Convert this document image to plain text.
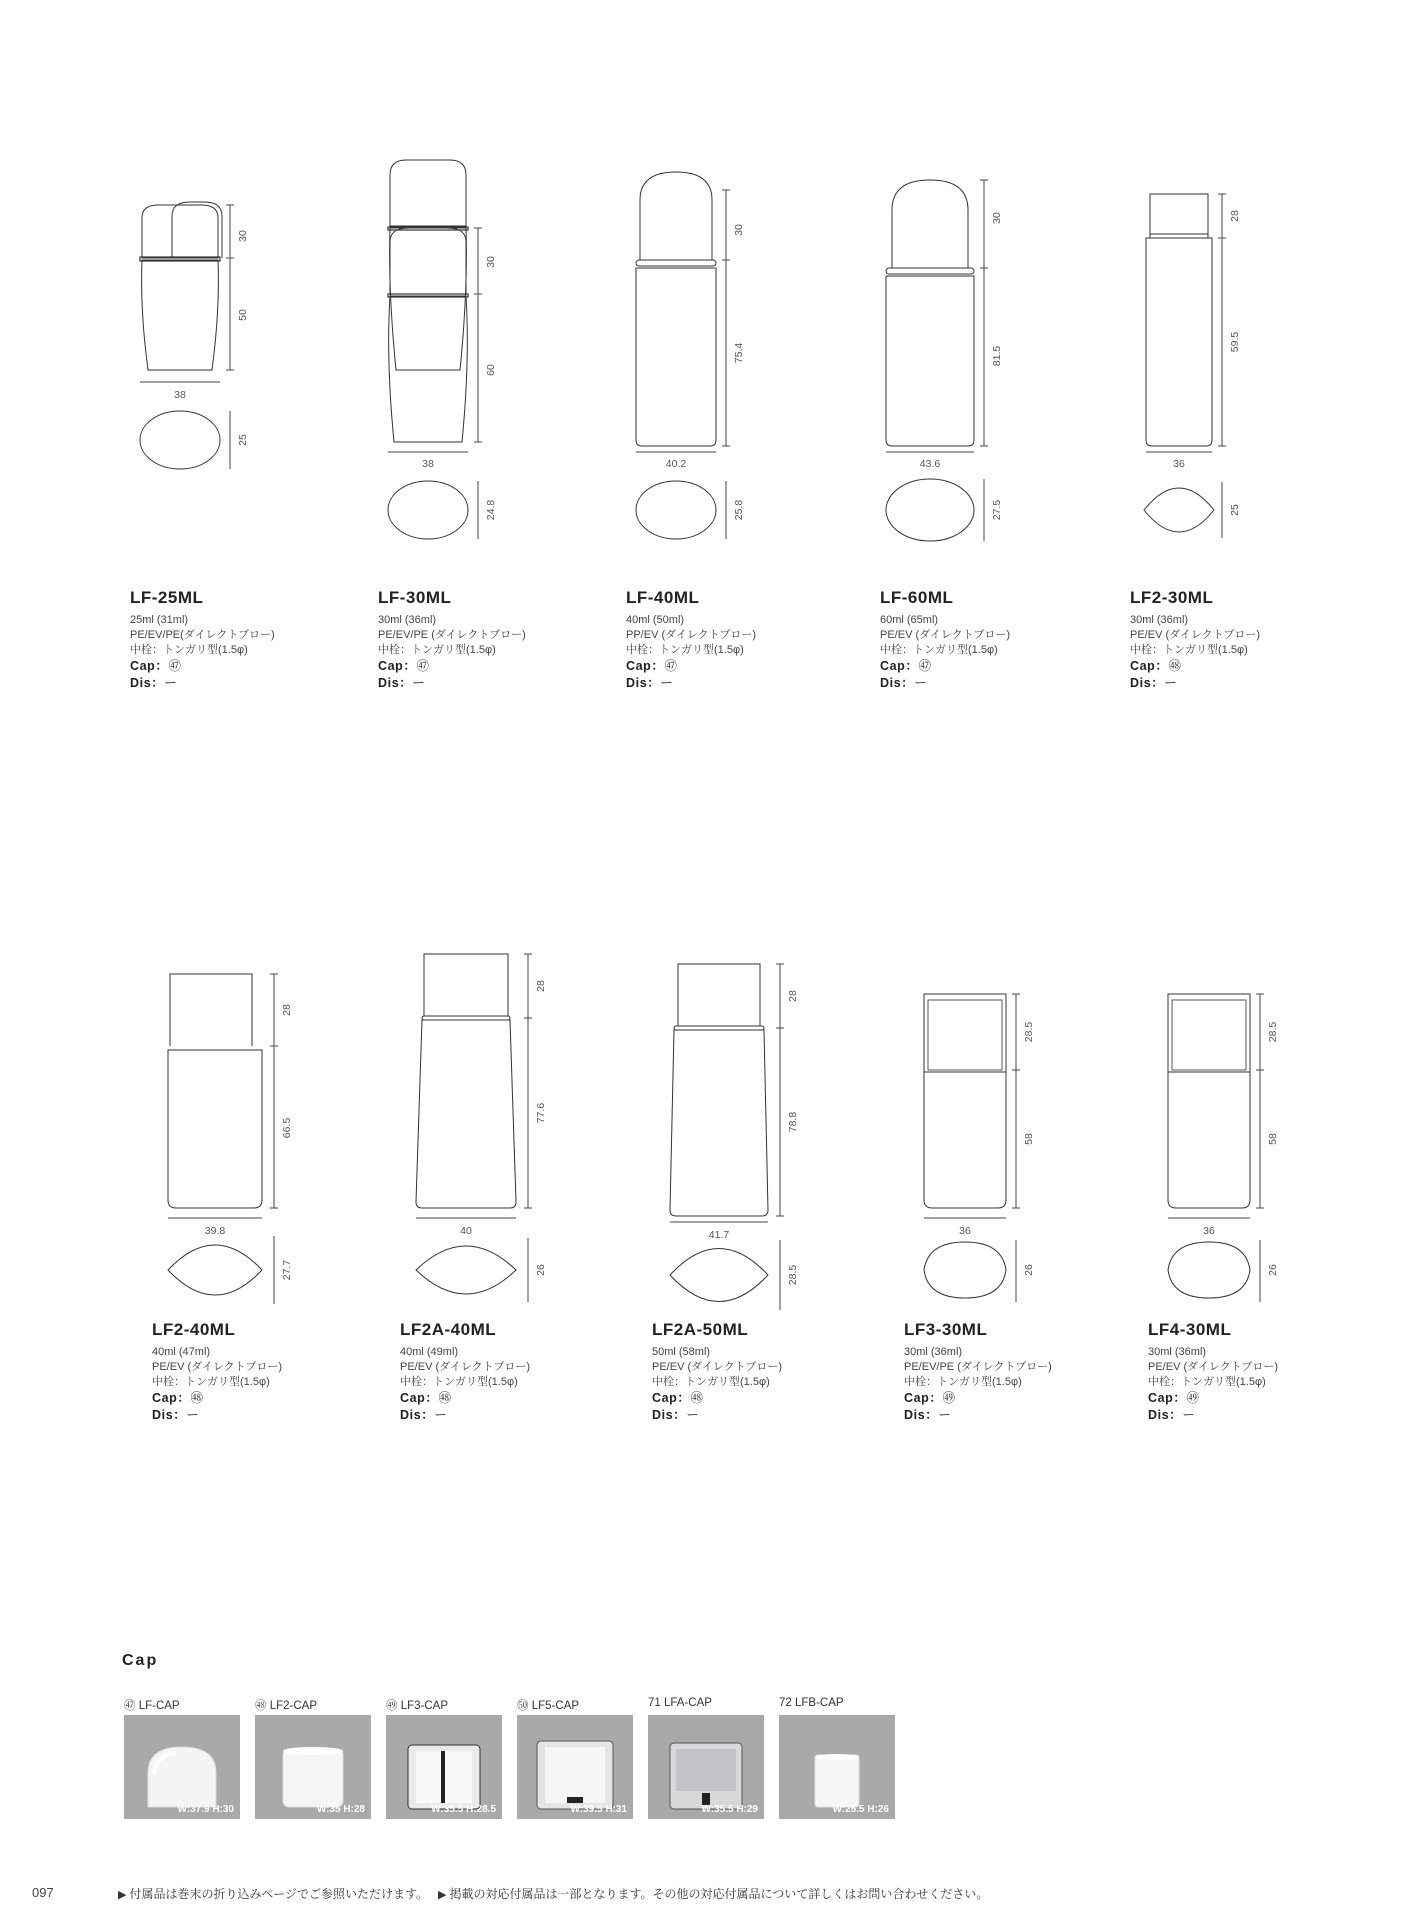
30
50
38
25
LF-25ML
25ml (31ml)
PE/EV/PE(ダイレクトブロー)
中栓：トンガリ型(1.5φ)
Cap：㊼
Dis：ー
30
60
38
24.8
LF-30ML
30ml (36ml)
PE/EV/PE (ダイレクトブロー)
中栓：トンガリ型(1.5φ)
Cap：㊼
Dis：ー
30
75.4
40.2
25.8
LF-40ML
40ml (50ml)
PP/EV (ダイレクトブロー)
中栓：トンガリ型(1.5φ)
Cap：㊼
Dis：ー
30
81.5
43.6
27.5
LF-60ML
60ml (65ml)
PE/EV (ダイレクトブロー)
中栓：トンガリ型(1.5φ)
Cap：㊼
Dis：ー
28
59.5
36
25
LF2-30ML
30ml (36ml)
PE/EV (ダイレクトブロー)
中栓：トンガリ型(1.5φ)
Cap：㊽
Dis：ー
28
66.5
39.8
27.7
LF2-40ML
40ml (47ml)
PE/EV (ダイレクトブロー)
中栓：トンガリ型(1.5φ)
Cap：㊽
Dis：ー
28
77.6
40
26
LF2A-40ML
40ml (49ml)
PE/EV (ダイレクトブロー)
中栓：トンガリ型(1.5φ)
Cap：㊽
Dis：ー
28
78.8
41.7
28.5
LF2A-50ML
50ml (58ml)
PE/EV (ダイレクトブロー)
中栓：トンガリ型(1.5φ)
Cap：㊽
Dis：ー
28.5
58
36
26
LF3-30ML
30ml (36ml)
PE/EV/PE (ダイレクトブロー)
中栓：トンガリ型(1.5φ)
Cap：㊾
Dis：ー
28.5
58
36
26
LF4-30ML
30ml (36ml)
PE/EV (ダイレクトブロー)
中栓：トンガリ型(1.5φ)
Cap：㊾
Dis：ー
Cap
㊼ LF-CAP
W:37.9 H:30
㊽ LF2-CAP
W:35 H:28
㊾ LF3-CAP
W:35.5 H:28.5
㊿ LF5-CAP
W:39.5 H:31
71 LFA-CAP
W:35.5 H:29
72 LFB-CAP
W:25.5 H:26
097	▶ 付属品は巻末の折り込みページでご参照いただけます。 ▶ 掲載の対応付属品は一部となります。その他の対応付属品について詳しくはお問い合わせください。
